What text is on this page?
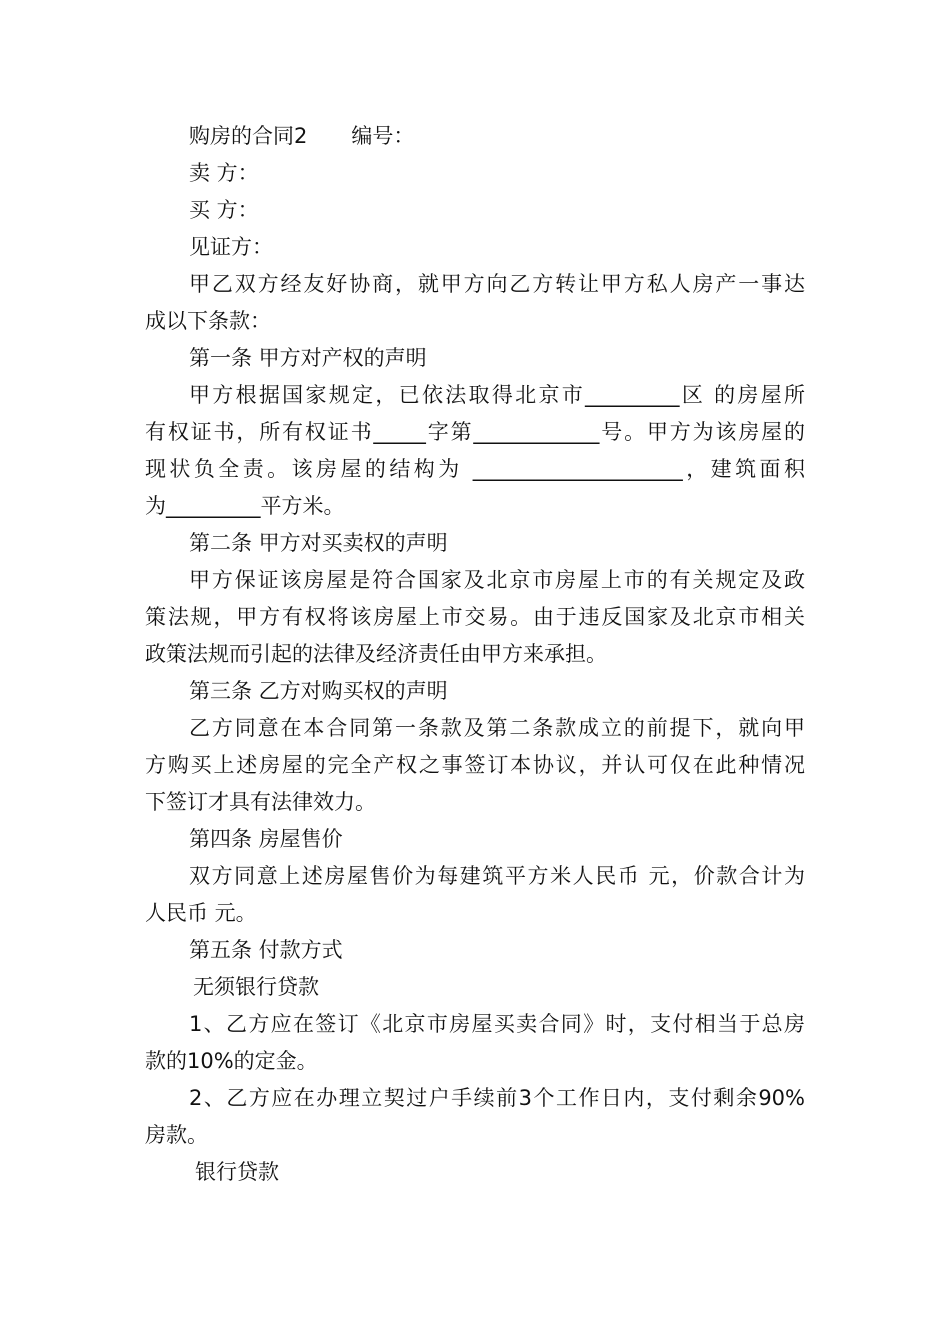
购房的合同2 编号：
卖 方：
买 方：
见证方：
甲乙双方经友好协商，就甲方向乙方转让甲方私人房产一事达
成以下条款：
第一条 甲方对产权的声明
甲方根据国家规定，已依法取得北京市_________区 的房屋所
有权证书，所有权证书_____字第____________号。甲方为该房屋的
现状负全责。该房屋的结构为 ____________________，建筑面积
为_________平方米。
第二条 甲方对买卖权的声明
甲方保证该房屋是符合国家及北京市房屋上市的有关规定及政
策法规，甲方有权将该房屋上市交易。由于违反国家及北京市相关
政策法规而引起的法律及经济责任由甲方来承担。
第三条 乙方对购买权的声明
乙方同意在本合同第一条款及第二条款成立的前提下，就向甲
方购买上述房屋的完全产权之事签订本协议，并认可仅在此种情况
下签订才具有法律效力。
第四条 房屋售价
双方同意上述房屋售价为每建筑平方米人民币 元，价款合计为
人民币 元。
第五条 付款方式
无须银行贷款
1、乙方应在签订《北京市房屋买卖合同》时，支付相当于总房
款的10%的定金。
2、乙方应在办理立契过户手续前3个工作日内，支付剩余90%
房款。
银行贷款
